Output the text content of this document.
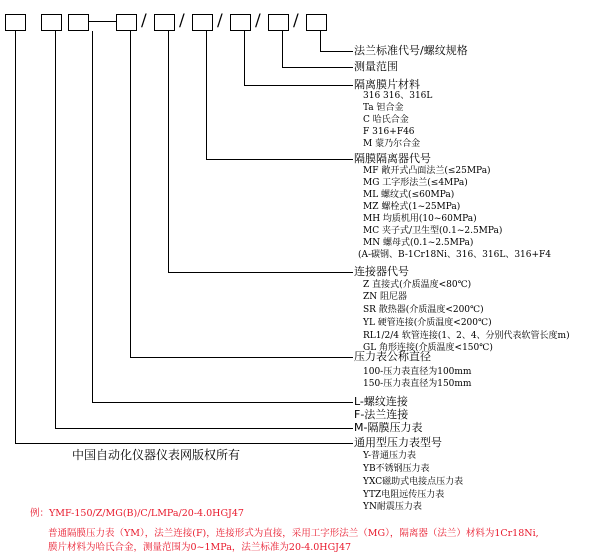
/ / / / /
法兰标准代号/螺纹规格
测量范围
隔离膜片材料
隔膜隔离器代号
连接器代号
压力表公称直径
L-螺纹连接
F-法兰连接
M-隔膜压力表
通用型压力表型号
316 316、316L
Ta 钽合金
C 哈氏合金
F 316+F46
M 蒙乃尔合金
MF 敞开式凸面法兰(≤25MPa)
MG 工字形法兰(≤4MPa)
ML 螺纹式(≤60MPa)
MZ 螺栓式(1~25MPa)
MH 均质机用(10~60MPa)
MC 夹子式/卫生型(0.1~2.5MPa)
MN 螺母式(0.1~2.5MPa)
(A-碳钢、B-1Cr18Ni、316、316L、316+F4
Z 直接式(介质温度<80℃)
ZN 阻尼器
SR 散热器(介质温度<200℃)
YL 硬管连接(介质温度<200℃)
RL1/2/4 软管连接(1、2、4、分别代表软管长度m)
GL 角形连接(介质温度<150℃)
100-压力表直径为100mm
150-压力表直径为150mm
Y-普通压力表
YB不锈钢压力表
YXC磁助式电接点压力表
YTZ电阻远传压力表
YN耐震压力表
中国自动化仪器仪表网版权所有
例：YMF-150/Z/MG(B)/C/LMPa/20-4.0HGJ47
普通隔膜压力表（YM），法兰连接(F)，连接形式为直接，采用工字形法兰（MG），隔离器（法兰）材料为1Cr18Ni,
膜片材料为哈氏合金，测量范围为0~1MPa，法兰标准为20-4.0HGJ47
